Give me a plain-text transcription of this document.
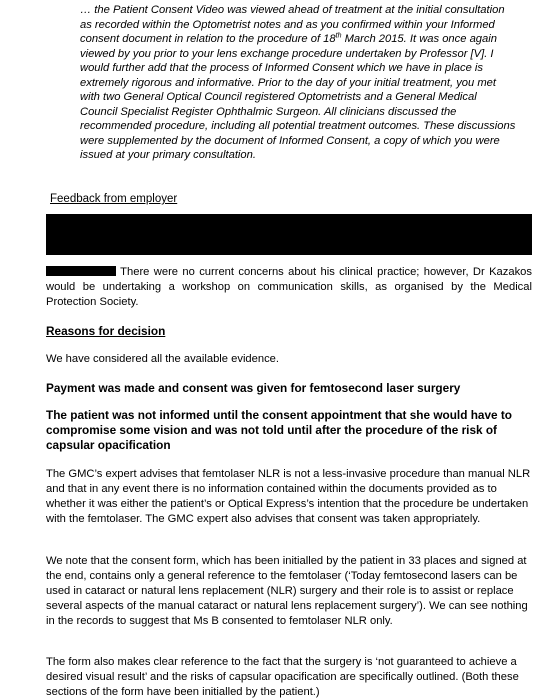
… the Patient Consent Video was viewed ahead of treatment at the initial consultation as recorded within the Optometrist notes and as you confirmed within your Informed consent document in relation to the procedure of 18th March 2015. It was once again viewed by you prior to your lens exchange procedure undertaken by Professor [V]. I would further add that the process of Informed Consent which we have in place is extremely rigorous and informative. Prior to the day of your initial treatment, you met with two General Optical Council registered Optometrists and a General Medical Council Specialist Register Ophthalmic Surgeon. All clinicians discussed the recommended procedure, including all potential treatment outcomes. These discussions were supplemented by the document of Informed Consent, a copy of which you were issued at your primary consultation.
Feedback from employer
There were no current concerns about his clinical practice; however, Dr Kazakos would be undertaking a workshop on communication skills, as organised by the Medical Protection Society.
Reasons for decision
We have considered all the available evidence.
Payment was made and consent was given for femtosecond laser surgery
The patient was not informed until the consent appointment that she would have to compromise some vision and was not told until after the procedure of the risk of capsular opacification
The GMC’s expert advises that femtolaser NLR is not a less-invasive procedure than manual NLR and that in any event there is no information contained within the documents provided as to whether it was either the patient’s or Optical Express’s intention that the procedure be undertaken with the femtolaser. The GMC expert also advises that consent was taken appropriately.
We note that the consent form, which has been initialled by the patient in 33 places and signed at the end, contains only a general reference to the femtolaser (‘Today femtosecond lasers can be used in cataract or natural lens replacement (NLR) surgery and their role is to assist or replace several aspects of the manual cataract or natural lens replacement surgery’). We can see nothing in the records to suggest that Ms B consented to femtolaser NLR only.
The form also makes clear reference to the fact that the surgery is ‘not guaranteed to achieve a desired visual result’ and the risks of capsular opacification are specifically outlined. (Both these sections of the form have been initialled by the patient.)
